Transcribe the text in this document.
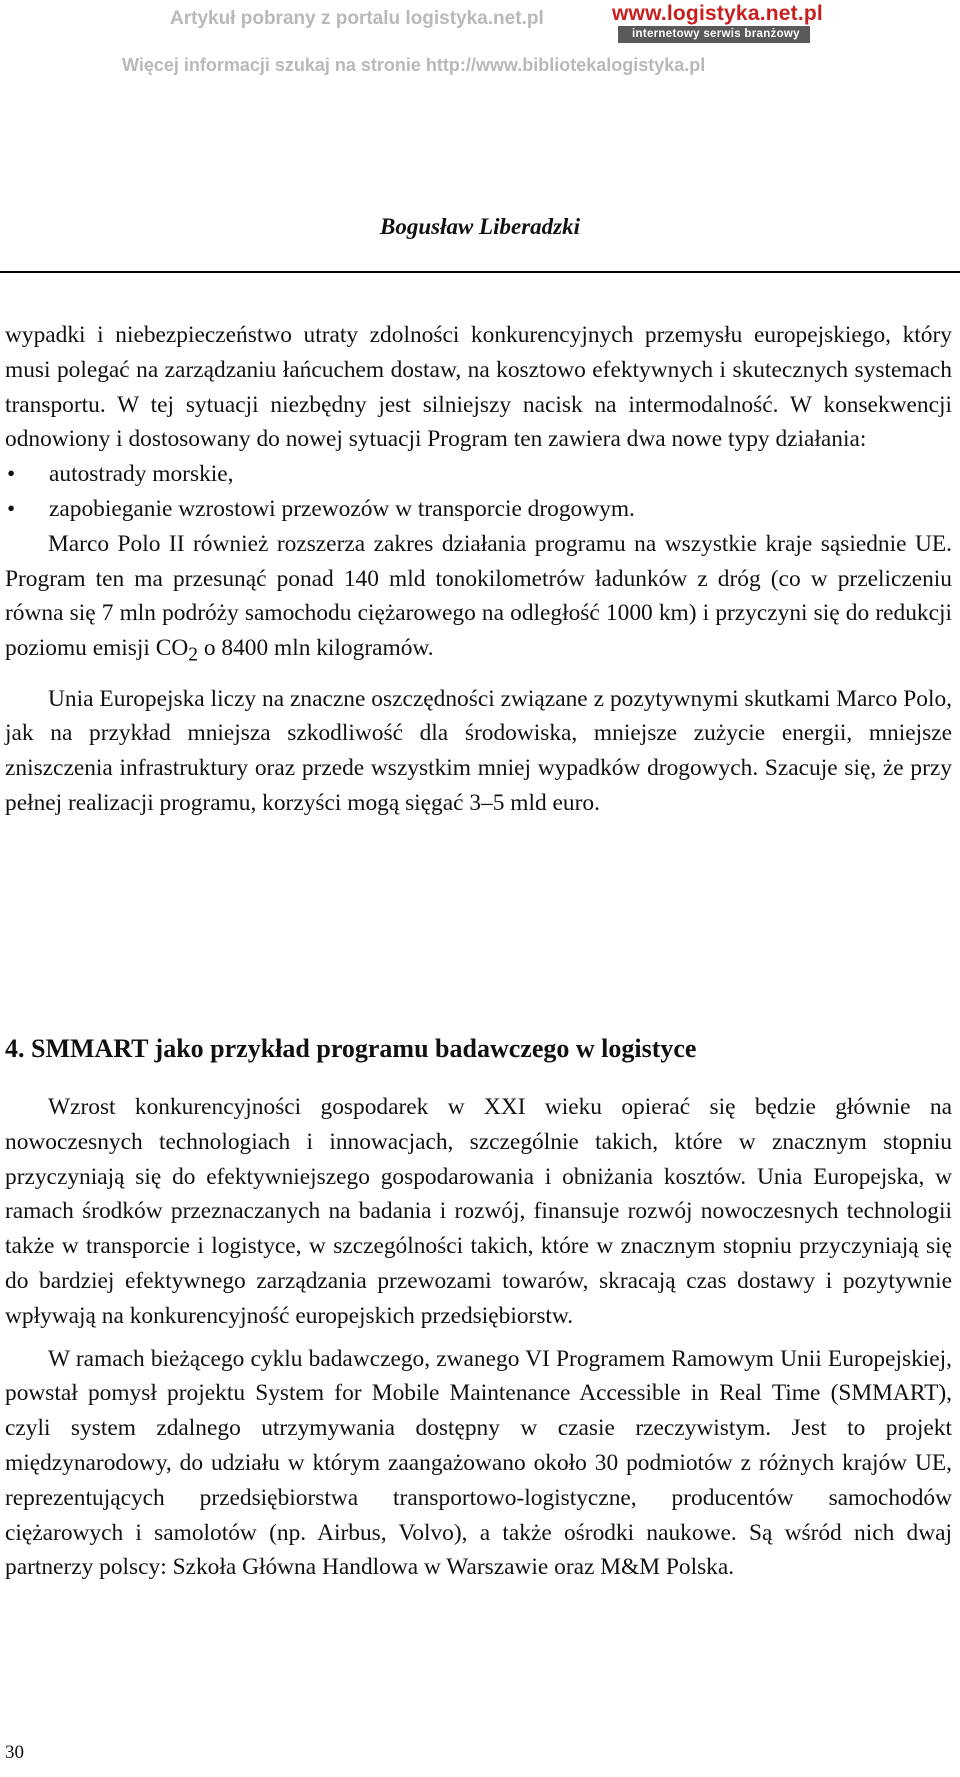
Artykuł pobrany z portalu logistyka.net.pl	www.logistyka.net.pl
internetowy serwis branżowy
Więcej informacji szukaj na stronie http://www.bibliotekalogistyka.pl
Bogusław Liberadzki

wypadki i niebezpieczeństwo utraty zdolności konkurencyjnych przemysłu europejskiego, który musi polegać na zarządzaniu łańcuchem dostaw, na kosztowo efektywnych i skutecznych systemach transportu. W tej sytuacji niezbędny jest silniejszy nacisk na intermodalność. W konsekwencji odnowiony i dostosowany do nowej sytuacji Program ten zawiera dwa nowe typy działania:

• autostrady morskie,
• zapobieganie wzrostowi przewozów w transporcie drogowym.

Marco Polo II również rozszerza zakres działania programu na wszystkie kraje sąsiednie UE. Program ten ma przesunąć ponad 140 mld tonokilometrów ładunków z dróg (co w przeliczeniu równa się 7 mln podróży samochodu ciężarowego na odległość 1000 km) i przyczyni się do redukcji poziomu emisji $CO_2$ o 8400 mln kilogramów.

Unia Europejska liczy na znaczne oszczędności związane z pozytywnymi skutkami Marco Polo, jak na przykład mniejsza szkodliwość dla środowiska, mniejsze zużycie energii, mniejsze zniszczenia infrastruktury oraz przede wszystkim mniej wypadków drogowych. Szacuje się, że przy pełnej realizacji programu, korzyści mogą sięgać 3–5 mld euro.

4. SMMART jako przykład programu badawczego w logistyce

Wzrost konkurencyjności gospodarek w XXI wieku opierać się będzie głównie na nowoczesnych technologiach i innowacjach, szczególnie takich, które w znacznym stopniu przyczyniają się do efektywniejszego gospodarowania i obniżania kosztów. Unia Europejska, w ramach środków przeznaczanych na badania i rozwój, finansuje rozwój nowoczesnych technologii także w transporcie i logistyce, w szczególności takich, które w znacznym stopniu przyczyniają się do bardziej efektywnego zarządzania przewozami towarów, skracają czas dostawy i pozytywnie wpływają na konkurencyjność europejskich przedsiębiorstw.

W ramach bieżącego cyklu badawczego, zwanego VI Programem Ramowym Unii Europejskiej, powstał pomysł projektu System for Mobile Maintenance Accessible in Real Time (SMMART), czyli system zdalnego utrzymywania dostępny w czasie rzeczywistym. Jest to projekt międzynarodowy, do udziału w którym zaangażowano około 30 podmiotów z różnych krajów UE, reprezentujących przedsiębiorstwa transportowo-logistyczne, producentów samochodów ciężarowych i samolotów (np. Airbus, Volvo), a także ośrodki naukowe. Są wśród nich dwaj partnerzy polscy: Szkoła Główna Handlowa w Warszawie oraz M&M Polska.

30
